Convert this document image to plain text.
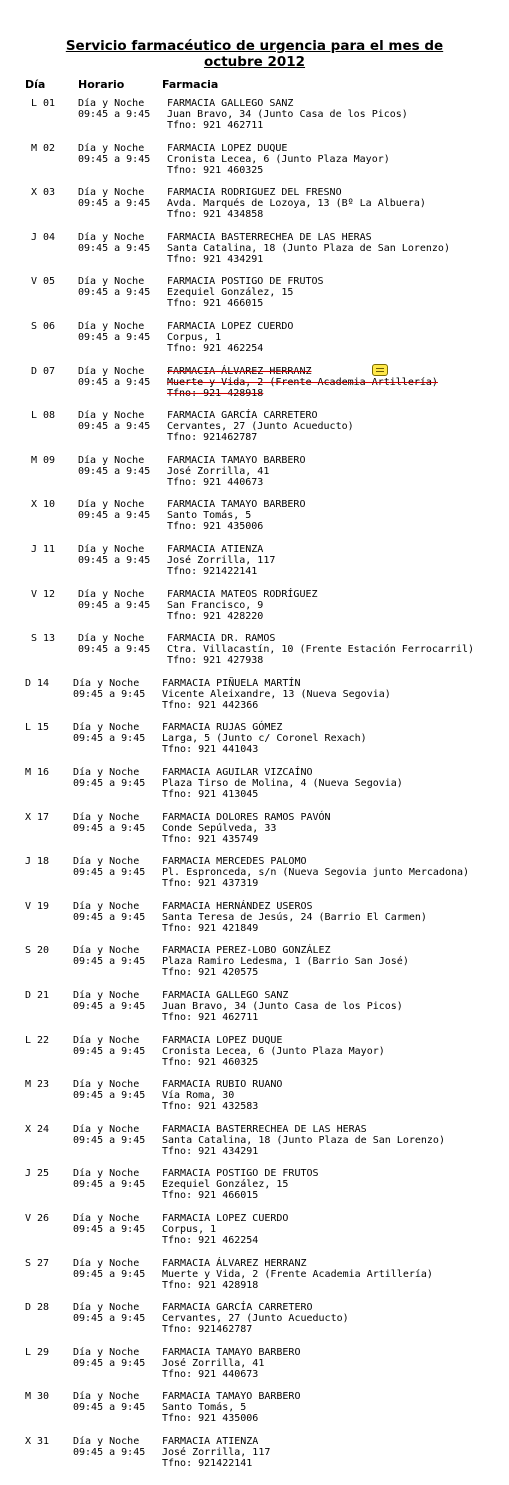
Servicio farmacéutico de urgencia para el mes de
octubre 2012
Día	Horario	Farmacia
L 01 Día y Noche
09:45 a 9:45
FARMACIA GALLEGO SANZ
Juan Bravo, 34 (Junto Casa de los Picos)
Tfno: 921 462711
M 02 Día y Noche
09:45 a 9:45
FARMACIA LOPEZ DUQUE
Cronista Lecea, 6 (Junto Plaza Mayor)
Tfno: 921 460325
X 03 Día y Noche
09:45 a 9:45
FARMACIA RODRIGUEZ DEL FRESNO
Avda. Marqués de Lozoya, 13 (Bº La Albuera)
Tfno: 921 434858
J 04 Día y Noche
09:45 a 9:45
FARMACIA BASTERRECHEA DE LAS HERAS
Santa Catalina, 18 (Junto Plaza de San Lorenzo)
Tfno: 921 434291
V 05 Día y Noche
09:45 a 9:45
FARMACIA POSTIGO DE FRUTOS
Ezequiel González, 15
Tfno: 921 466015
S 06 Día y Noche
09:45 a 9:45
FARMACIA LOPEZ CUERDO
Corpus, 1
Tfno: 921 462254
D 07 Día y Noche
09:45 a 9:45
FARMACIA ÁLVAREZ HERRANZ
Muerte y Vida, 2 (Frente Academia Artillería)
Tfno: 921 428918
L 08 Día y Noche
09:45 a 9:45
FARMACIA GARCÍA CARRETERO
Cervantes, 27 (Junto Acueducto)
Tfno: 921462787
M 09 Día y Noche
09:45 a 9:45
FARMACIA TAMAYO BARBERO
José Zorrilla, 41
Tfno: 921 440673
X 10 Día y Noche
09:45 a 9:45
FARMACIA TAMAYO BARBERO
Santo Tomás, 5
Tfno: 921 435006
J 11 Día y Noche
09:45 a 9:45
FARMACIA ATIENZA
José Zorrilla, 117
Tfno: 921422141
V 12 Día y Noche
09:45 a 9:45
FARMACIA MATEOS RODRÍGUEZ
San Francisco, 9
Tfno: 921 428220
S 13 Día y Noche
09:45 a 9:45
FARMACIA DR. RAMOS
Ctra. Villacastín, 10 (Frente Estación Ferrocarril)
Tfno: 921 427938
D 14 Día y Noche
09:45 a 9:45
FARMACIA PIÑUELA MARTÍN
Vicente Aleixandre, 13 (Nueva Segovia)
Tfno: 921 442366
L 15 Día y Noche
09:45 a 9:45
FARMACIA RUJAS GÓMEZ
Larga, 5 (Junto c/ Coronel Rexach)
Tfno: 921 441043
M 16 Día y Noche
09:45 a 9:45
FARMACIA AGUILAR VIZCAÍNO
Plaza Tirso de Molina, 4 (Nueva Segovia)
Tfno: 921 413045
X 17 Día y Noche
09:45 a 9:45
FARMACIA DOLORES RAMOS PAVÓN
Conde Sepúlveda, 33
Tfno: 921 435749
J 18 Día y Noche
09:45 a 9:45
FARMACIA MERCEDES PALOMO
Pl. Espronceda, s/n (Nueva Segovia junto Mercadona)
Tfno: 921 437319
V 19 Día y Noche
09:45 a 9:45
FARMACIA HERNÁNDEZ USEROS
Santa Teresa de Jesús, 24 (Barrio El Carmen)
Tfno: 921 421849
S 20 Día y Noche
09:45 a 9:45
FARMACIA PEREZ-LOBO GONZÁLEZ
Plaza Ramiro Ledesma, 1 (Barrio San José)
Tfno: 921 420575
D 21 Día y Noche
09:45 a 9:45
FARMACIA GALLEGO SANZ
Juan Bravo, 34 (Junto Casa de los Picos)
Tfno: 921 462711
L 22 Día y Noche
09:45 a 9:45
FARMACIA LOPEZ DUQUE
Cronista Lecea, 6 (Junto Plaza Mayor)
Tfno: 921 460325
M 23 Día y Noche
09:45 a 9:45
FARMACIA RUBIO RUANO
Vía Roma, 30
Tfno: 921 432583
X 24 Día y Noche
09:45 a 9:45
FARMACIA BASTERRECHEA DE LAS HERAS
Santa Catalina, 18 (Junto Plaza de San Lorenzo)
Tfno: 921 434291
J 25 Día y Noche
09:45 a 9:45
FARMACIA POSTIGO DE FRUTOS
Ezequiel González, 15
Tfno: 921 466015
V 26 Día y Noche
09:45 a 9:45
FARMACIA LOPEZ CUERDO
Corpus, 1
Tfno: 921 462254
S 27 Día y Noche
09:45 a 9:45
FARMACIA ÁLVAREZ HERRANZ
Muerte y Vida, 2 (Frente Academia Artillería)
Tfno: 921 428918
D 28 Día y Noche
09:45 a 9:45
FARMACIA GARCÍA CARRETERO
Cervantes, 27 (Junto Acueducto)
Tfno: 921462787
L 29 Día y Noche
09:45 a 9:45
FARMACIA TAMAYO BARBERO
José Zorrilla, 41
Tfno: 921 440673
M 30 Día y Noche
09:45 a 9:45
FARMACIA TAMAYO BARBERO
Santo Tomás, 5
Tfno: 921 435006
X 31 Día y Noche
09:45 a 9:45
FARMACIA ATIENZA
José Zorrilla, 117
Tfno: 921422141
